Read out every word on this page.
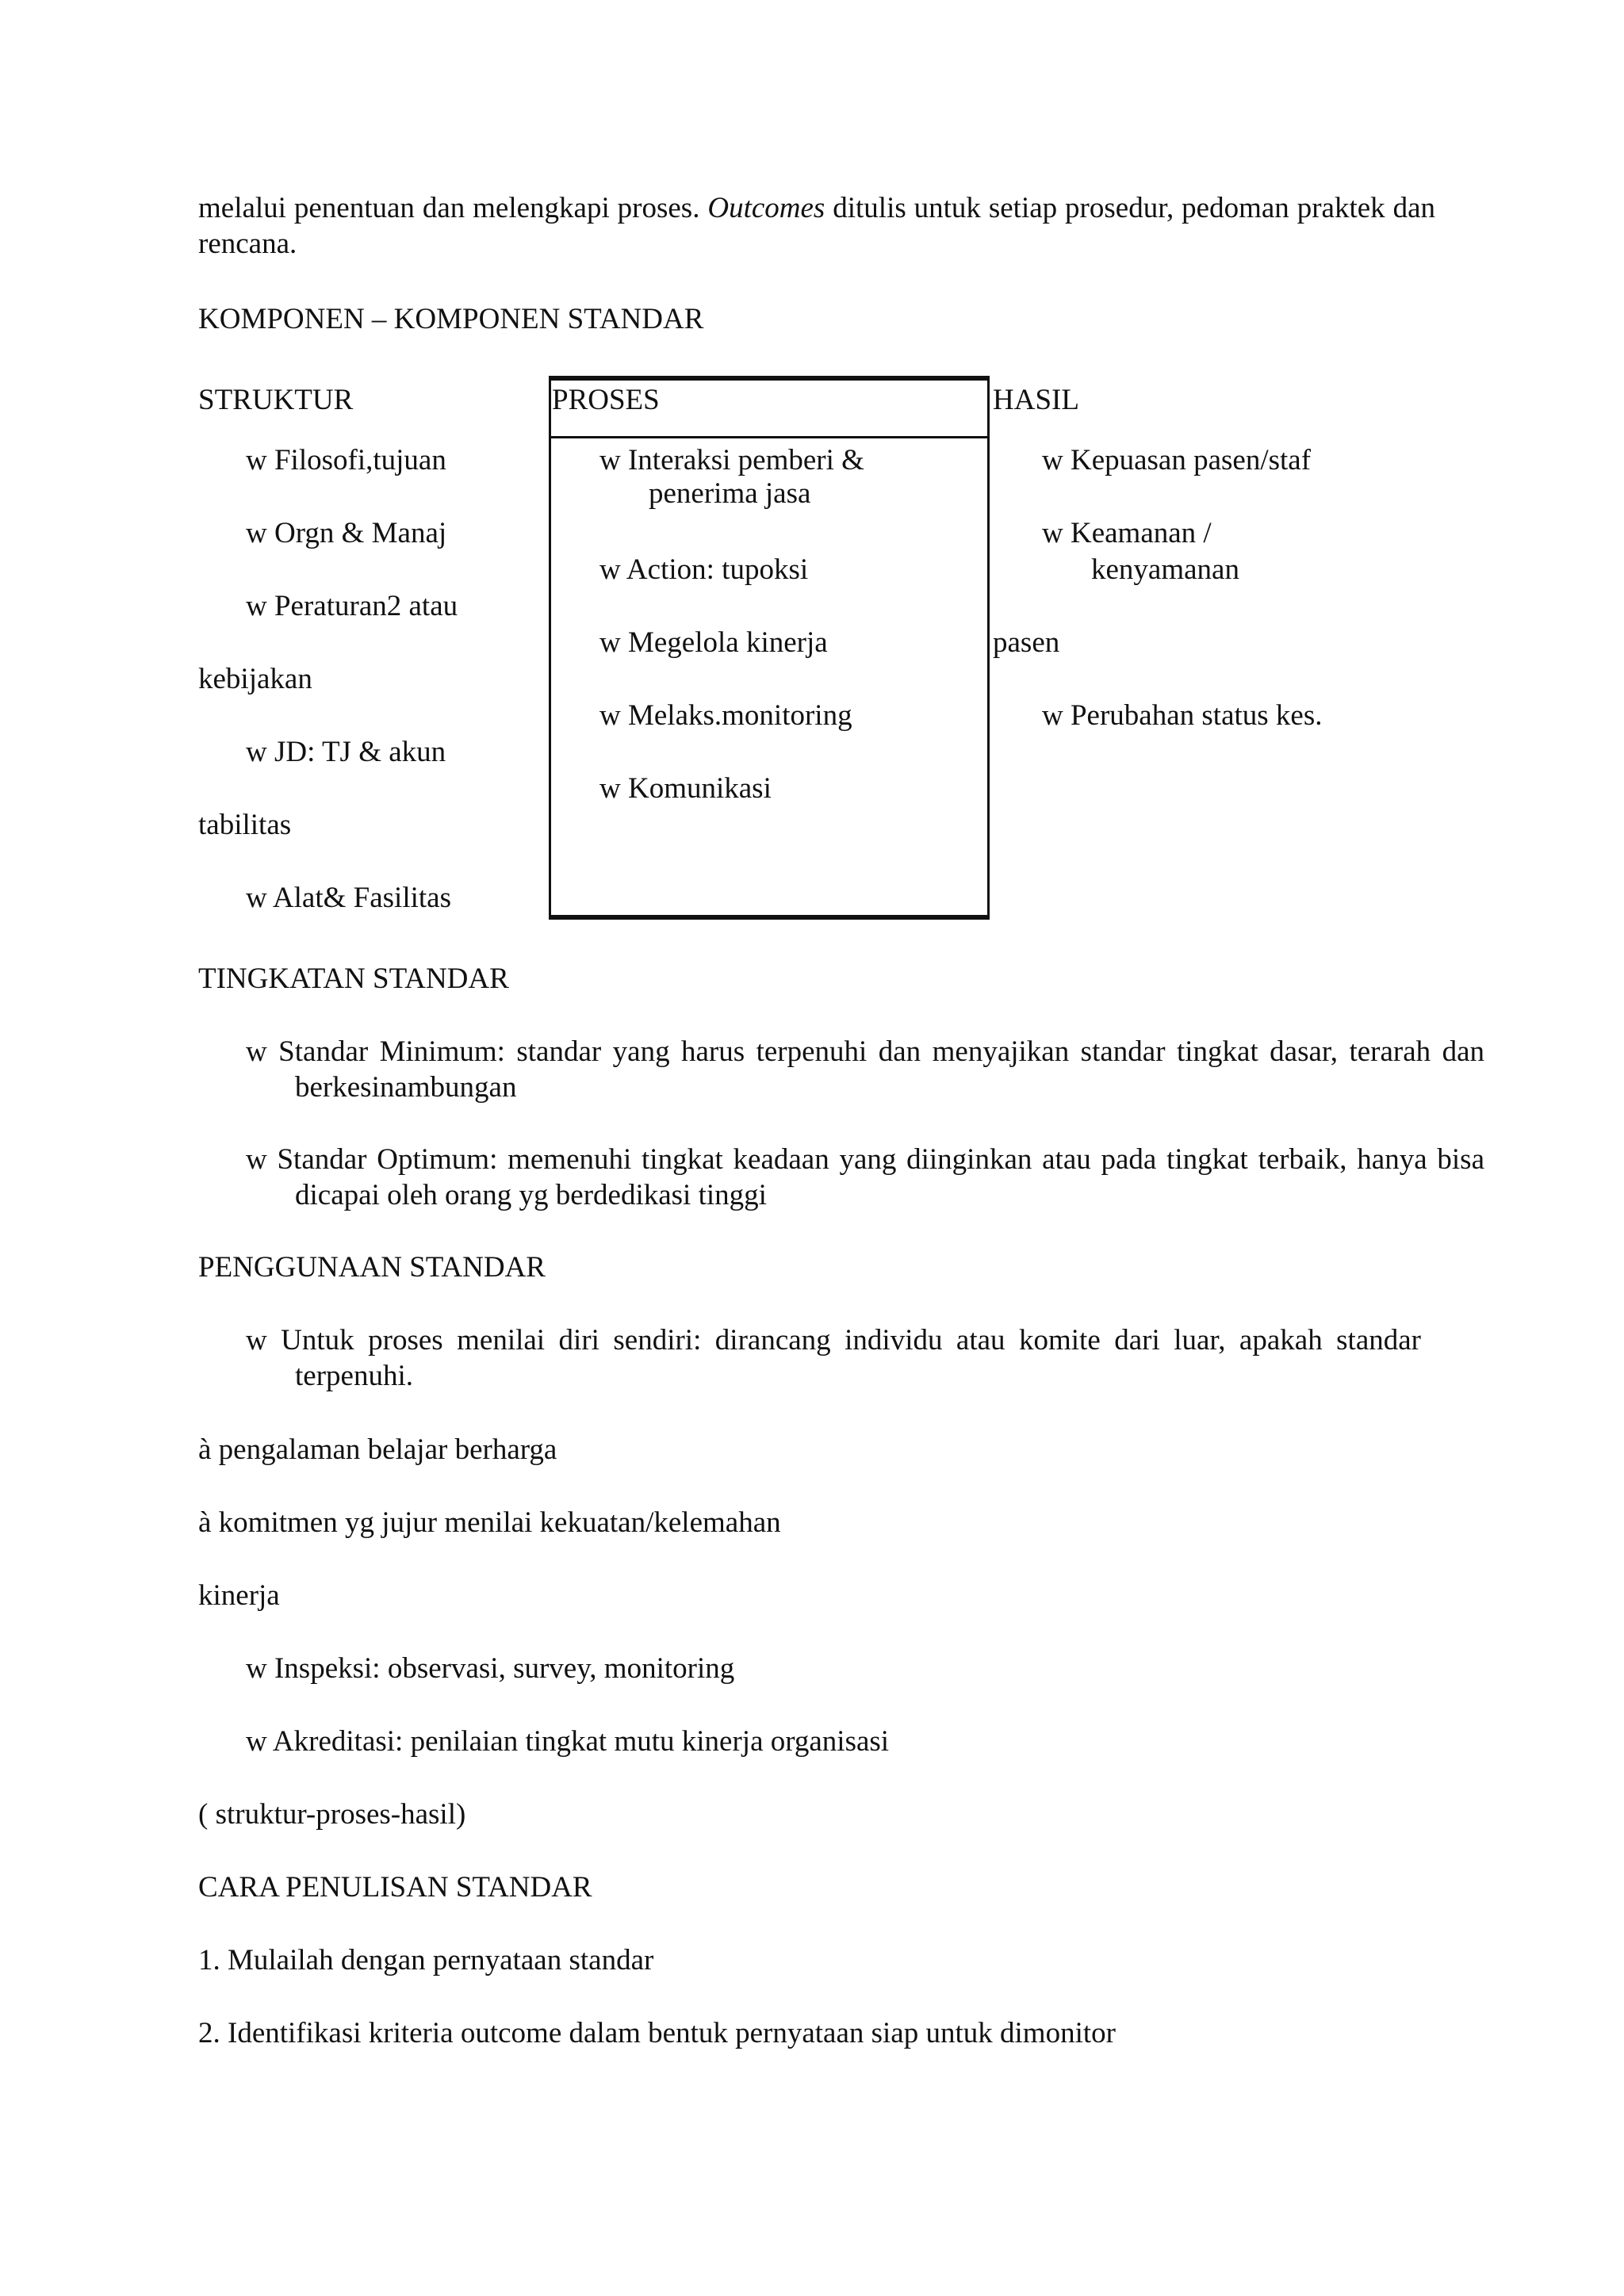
melalui penentuan dan melengkapi proses. Outcomes ditulis untuk setiap prosedur, pedoman praktek dan rencana.
KOMPONEN – KOMPONEN STANDAR
STRUKTUR	PROSES	HASIL
w Filosofi,tujuan
w Orgn & Manaj
w Peraturan2 atau
kebijakan
w JD: TJ & akun
tabilitas
w Alat& Fasilitas
w Interaksi pemberi &
penerima jasa
w Action: tupoksi
w Megelola kinerja
w Melaks.monitoring
w Komunikasi
w Kepuasan pasen/staf
w Keamanan /
kenyamanan
pasen
w Perubahan status kes.
TINGKATAN STANDAR
w Standar Minimum: standar yang harus terpenuhi dan menyajikan standar tingkat dasar, terarah dan berkesinambungan
w Standar Optimum: memenuhi tingkat keadaan yang diinginkan atau pada tingkat terbaik, hanya bisa dicapai oleh orang yg berdedikasi tinggi
PENGGUNAAN STANDAR
w Untuk proses menilai diri sendiri: dirancang individu atau komite dari luar, apakah standar terpenuhi.
à pengalaman belajar berharga
à komitmen yg jujur menilai kekuatan/kelemahan
kinerja
w Inspeksi: observasi, survey, monitoring
w Akreditasi: penilaian tingkat mutu kinerja organisasi
( struktur-proses-hasil)
CARA PENULISAN STANDAR
1. Mulailah dengan pernyataan standar
2. Identifikasi kriteria outcome dalam bentuk pernyataan siap untuk dimonitor
